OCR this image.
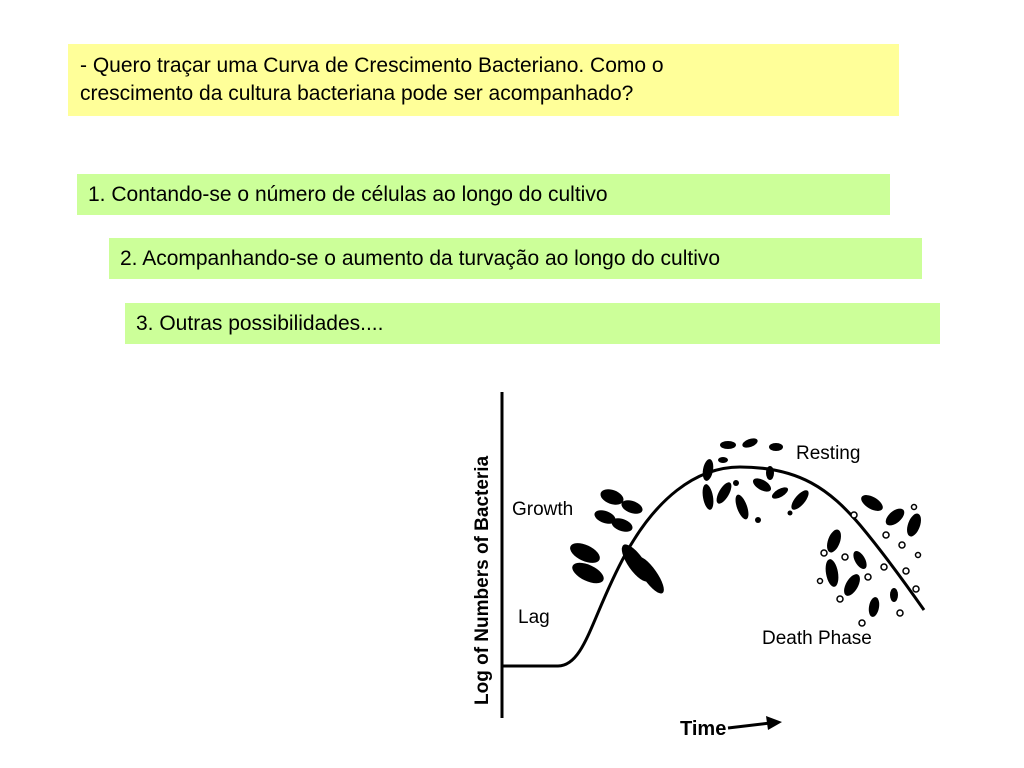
- Quero traçar uma Curva de Crescimento Bacteriano. Como o
crescimento da cultura bacteriana pode ser acompanhado?
1. Contando-se o número de células ao longo do cultivo
2. Acompanhando-se o aumento da turvação ao longo do cultivo
3. Outras possibilidades....
Log of Numbers of Bacteria Growth
Lag
Resting
Death Phase
Time
